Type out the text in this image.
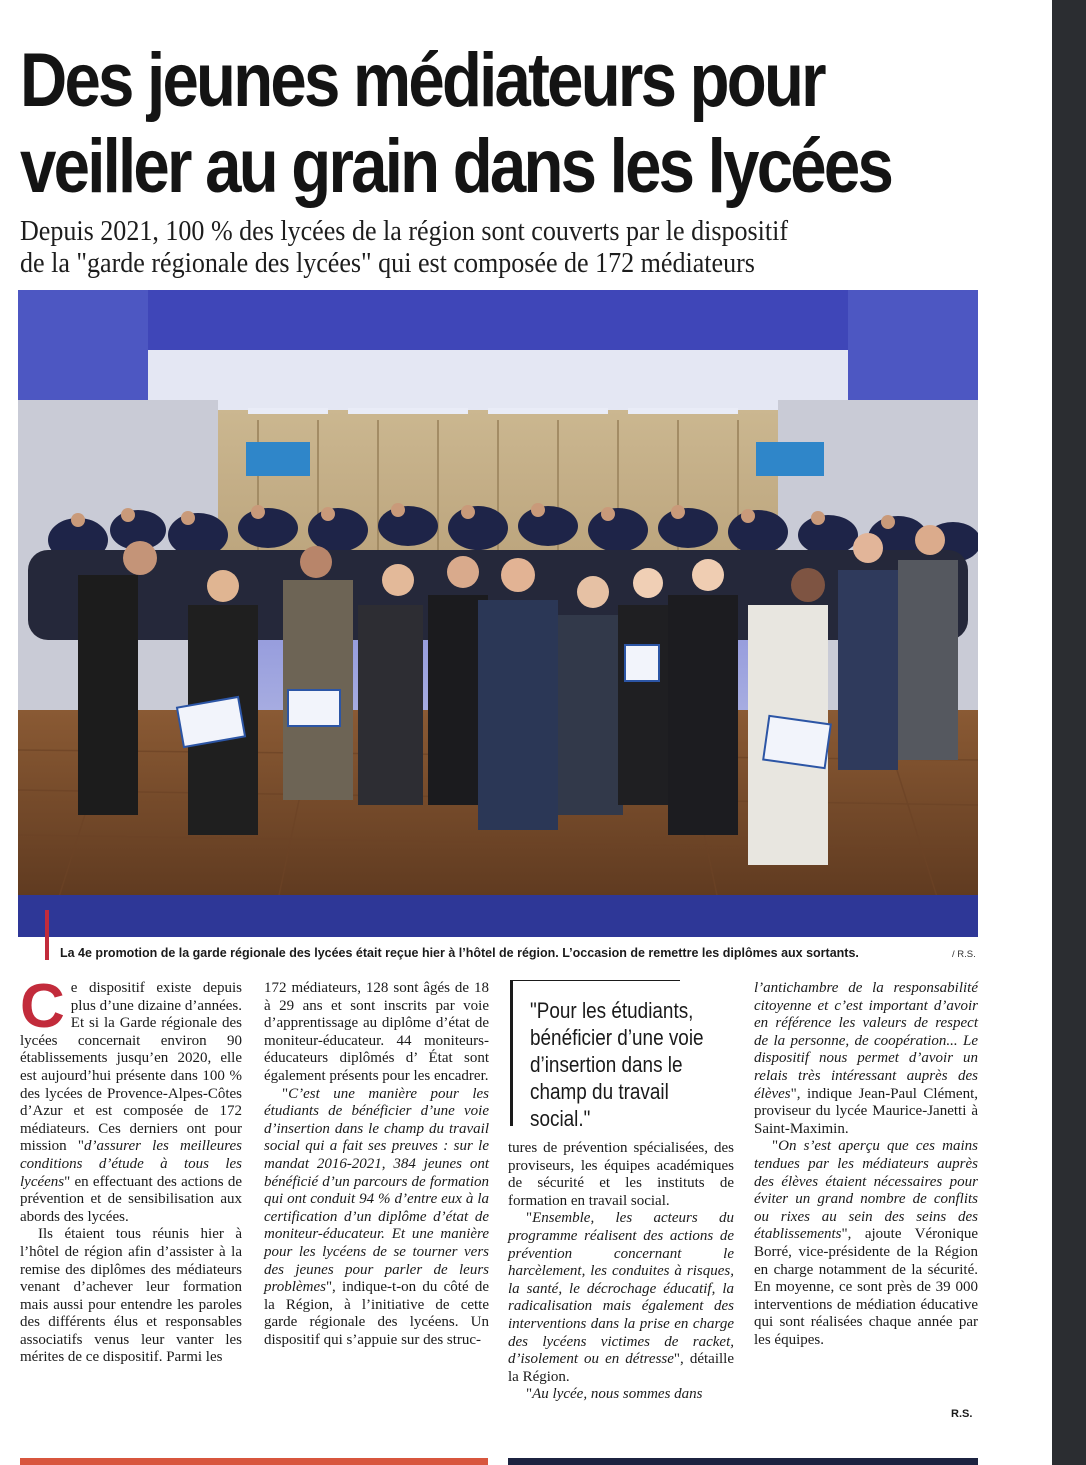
Des jeunes médiateurs pour
veiller au grain dans les lycées
Depuis 2021, 100 % des lycées de la région sont couverts par le dispositif
de la "garde régionale des lycées" qui est composée de 172 médiateurs
La 4e promotion de la garde régionale des lycées était reçue hier à l’hôtel de région. L’occasion de remettre les diplômes aux sortants.	/ R.S.

Ce dispositif existe depuis plus d’une dizaine d’années. Et si la Garde régionale des lycées concernait environ 90 établissements jusqu’en 2020, elle est aujourd’hui présente dans 100 % des lycées de Provence-Alpes-Côtes d’Azur et est composée de 172 médiateurs. Ces derniers ont pour mission "d’assurer les meilleures conditions d’étude à tous les lycéens" en effectuant des actions de prévention et de sensibilisation aux abords des lycées.

Ils étaient tous réunis hier à l’hôtel de région afin d’assister à la remise des diplômes des médiateurs venant d’achever leur formation mais aussi pour entendre les paroles des différents élus et responsables associatifs venus leur vanter les mérites de ce dispositif. Parmi les

172 médiateurs, 128 sont âgés de 18 à 29 ans et sont inscrits par voie d’apprentissage au diplôme d’état de moniteur-éducateur. 44 moniteurs-éducateurs diplômés d’ État sont également présents pour les encadrer.

"C’est une manière pour les étudiants de bénéficier d’une voie d’insertion dans le champ du travail social qui a fait ses preuves : sur le mandat 2016-2021, 384 jeunes ont bénéficié d’un parcours de formation qui ont conduit 94 % d’entre eux à la certification d’un diplôme d’état de moniteur-éducateur. Et une manière pour les lycéens de se tourner vers des jeunes pour parler de leurs problèmes", indique-t-on du côté de la Région, à l’initiative de cette garde régionale des lycéens. Un dispositif qui s’appuie sur des struc-

"Pour les étudiants, bénéficier d’une voie d’insertion dans le champ du travail social."

tures de prévention spécialisées, des proviseurs, les équipes académiques de sécurité et les instituts de formation en travail social.

"Ensemble, les acteurs du programme réalisent des actions de prévention concernant le harcèlement, les conduites à risques, la santé, le décrochage éducatif, la radicalisation mais également des interventions dans la prise en charge des lycéens victimes de racket, d’isolement ou en détresse", détaille la Région.

"Au lycée, nous sommes dans

l’antichambre de la responsabilité citoyenne et c’est important d’avoir en référence les valeurs de respect de la personne, de coopération... Le dispositif nous permet d’avoir un relais très intéressant auprès des élèves", indique Jean-Paul Clément, proviseur du lycée Maurice-Janetti à Saint-Maximin.

"On s’est aperçu que ces mains tendues par les médiateurs auprès des élèves étaient nécessaires pour éviter un grand nombre de conflits ou rixes au sein des seins des établissements", ajoute Véronique Borré, vice-présidente de la Région en charge notamment de la sécurité. En moyenne, ce sont près de 39 000 interventions de médiation éducative qui sont réalisées chaque année par les équipes.

R.S.
